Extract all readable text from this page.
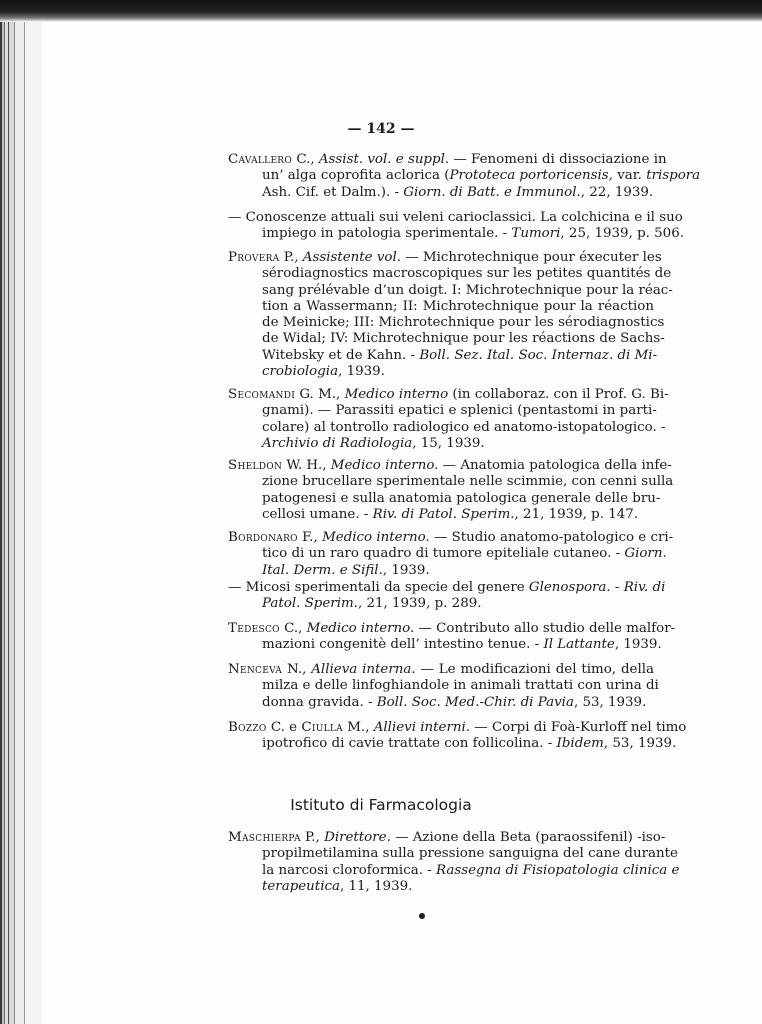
— 142 —
Cavallero C., Assist. vol. e suppl. — Fenomeni di dissociazione in
un’ alga coprofita aclorica (Prototeca portoricensis, var. trispora
Ash. Cif. et Dalm.). - Giorn. di Batt. e Immunol., 22, 1939.
— Conoscenze attuali sui veleni carioclassici. La colchicina e il suo
impiego in patologia sperimentale. - Tumori, 25, 1939, p. 506.
Provera P., Assistente vol. — Michrotechnique pour éxecuter les
sérodiagnostics macroscopiques sur les petites quantités de
sang prélévable d’un doigt. I: Michrotechnique pour la réac-
tion a Wassermann; II: Michrotechnique pour la réaction
de Meinicke; III: Michrotechnique pour les sérodiagnostics
de Widal; IV: Michrotechnique pour les réactions de Sachs-
Witebsky et de Kahn. - Boll. Sez. Ital. Soc. Internaz. di Mi-
crobiologia, 1939.
Secomandi G. M., Medico interno (in collaboraz. con il Prof. G. Bi-
gnami). — Parassiti epatici e splenici (pentastomi in parti-
colare) al tontrollo radiologico ed anatomo-istopatologico. -
Archivio di Radiologia, 15, 1939.
Sheldon W. H., Medico interno. — Anatomia patologica della infe-
zione brucellare sperimentale nelle scimmie, con cenni sulla
patogenesi e sulla anatomia patologica generale delle bru-
cellosi umane. - Riv. di Patol. Sperim., 21, 1939, p. 147.
Bordonaro F., Medico interno. — Studio anatomo-patologico e cri-
tico di un raro quadro di tumore epiteliale cutaneo. - Giorn.
Ital. Derm. e Sifil., 1939.
— Micosi sperimentali da specie del genere Glenospora. - Riv. di
Patol. Sperim., 21, 1939, p. 289.
Tedesco C., Medico interno. — Contributo allo studio delle malfor-
mazioni congenitè dell’ intestino tenue. - Il Lattante, 1939.
Nenceva N., Allieva interna. — Le modificazioni del timo, della
milza e delle linfoghiandole in animali trattati con urina di
donna gravida. - Boll. Soc. Med.-Chir. di Pavia, 53, 1939.
Bozzo C. e Ciulla M., Allievi interni. — Corpi di Foà-Kurloff nel timo
ipotrofico di cavie trattate con follicolina. - Ibidem, 53, 1939.
Istituto di Farmacologia
Maschierpa P., Direttore. — Azione della Beta (paraossifenil) -iso-
propilmetilamina sulla pressione sanguigna del cane durante
la narcosi cloroformica. - Rassegna di Fisiopatologia clinica e
terapeutica, 11, 1939.
